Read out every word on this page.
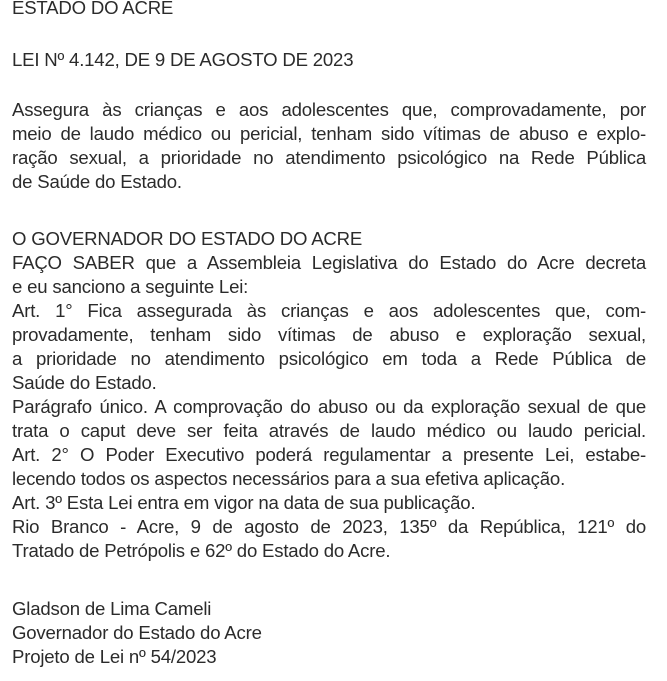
ESTADO DO ACRE
LEI Nº 4.142, DE 9 DE AGOSTO DE 2023
Assegura às crianças e aos adolescentes que, comprovadamente, por
meio de laudo médico ou pericial, tenham sido vítimas de abuso e explo-
ração sexual, a prioridade no atendimento psicológico na Rede Pública
de Saúde do Estado.
O GOVERNADOR DO ESTADO DO ACRE
FAÇO SABER que a Assembleia Legislativa do Estado do Acre decreta
e eu sanciono a seguinte Lei:
Art. 1° Fica assegurada às crianças e aos adolescentes que, com-
provadamente, tenham sido vítimas de abuso e exploração sexual,
a prioridade no atendimento psicológico em toda a Rede Pública de
Saúde do Estado.
Parágrafo único. A comprovação do abuso ou da exploração sexual de que
trata o caput deve ser feita através de laudo médico ou laudo pericial.
Art. 2° O Poder Executivo poderá regulamentar a presente Lei, estabe-
lecendo todos os aspectos necessários para a sua efetiva aplicação.
Art. 3º Esta Lei entra em vigor na data de sua publicação.
Rio Branco - Acre, 9 de agosto de 2023, 135º da República, 121º do
Tratado de Petrópolis e 62º do Estado do Acre.
Gladson de Lima Cameli
Governador do Estado do Acre
Projeto de Lei nº 54/2023
